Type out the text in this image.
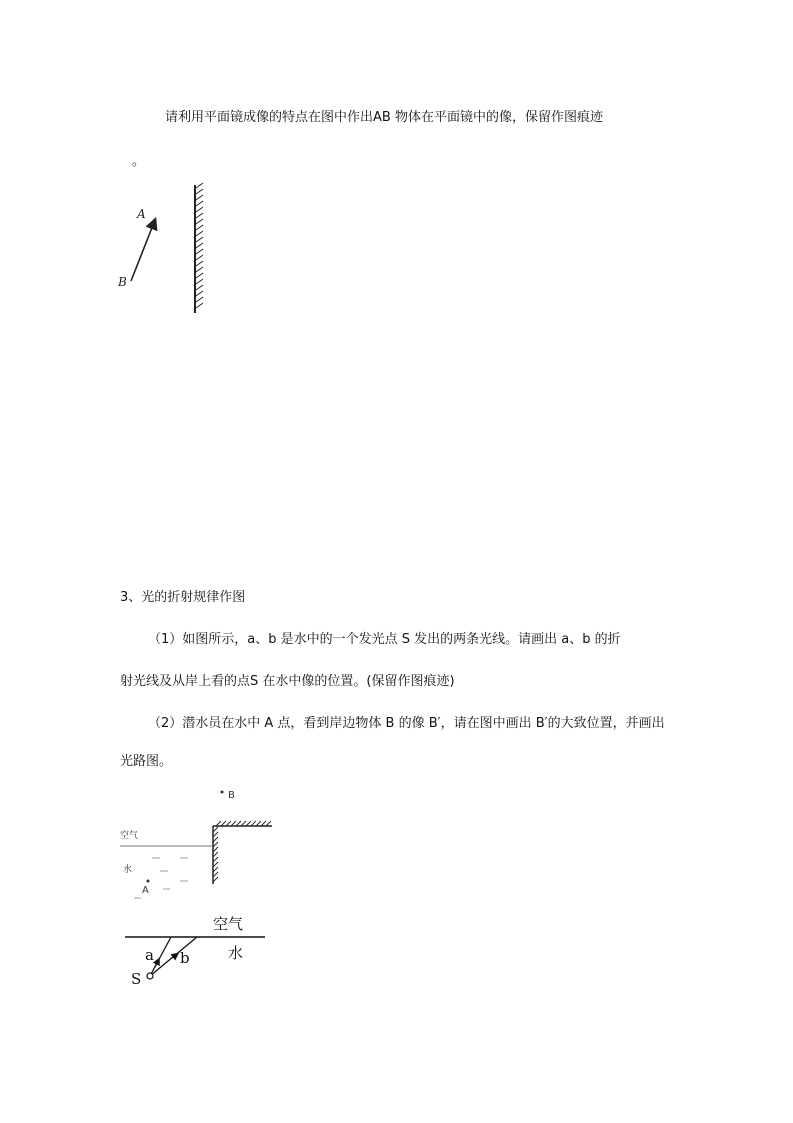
请利用平面镜成像的特点在图中作出AB 物体在平面镜中的像，保留作图痕迹
。
A
B
3、光的折射规律作图
（1）如图所示，a、b 是水中的一个发光点 S 发出的两条光线。请画出 a、b 的折
射光线及从岸上看的点S 在水中像的位置。(保留作图痕迹)
（2）潜水员在水中 A 点，看到岸边物体 B 的像 B′，请在图中画出 B′的大致位置，并画出
光路图。
B
空气
水
A
空气
水
a b
S
